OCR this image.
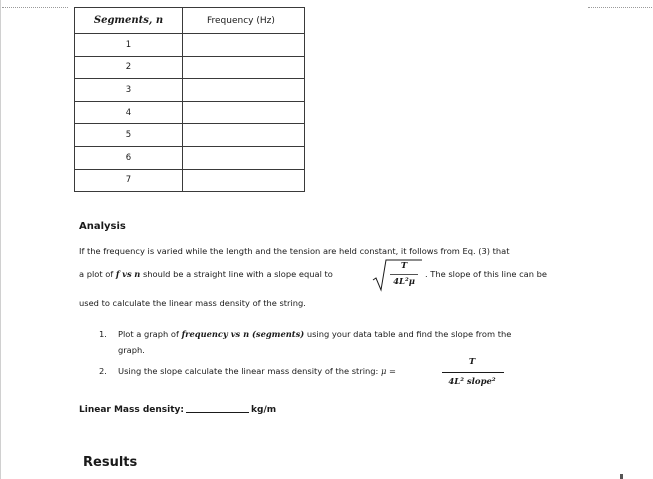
Segments, n	Frequency (Hz)
1	
2	
3	
4	
5	
6	
7	
Analysis
If the frequency is varied while the length and the tension are held constant, it follows from Eq. (3) that
a plot of f vs n should be a straight line with a slope equal to
T
4L²μ
. The slope of this line can be
used to calculate the linear mass density of the string.
1. Plot a graph of frequency vs n (segments) using your data table and find the slope from the
graph.
2. Using the slope calculate the linear mass density of the string: μ =
T
4L² slope²
Linear Mass density:	kg/m
Results
